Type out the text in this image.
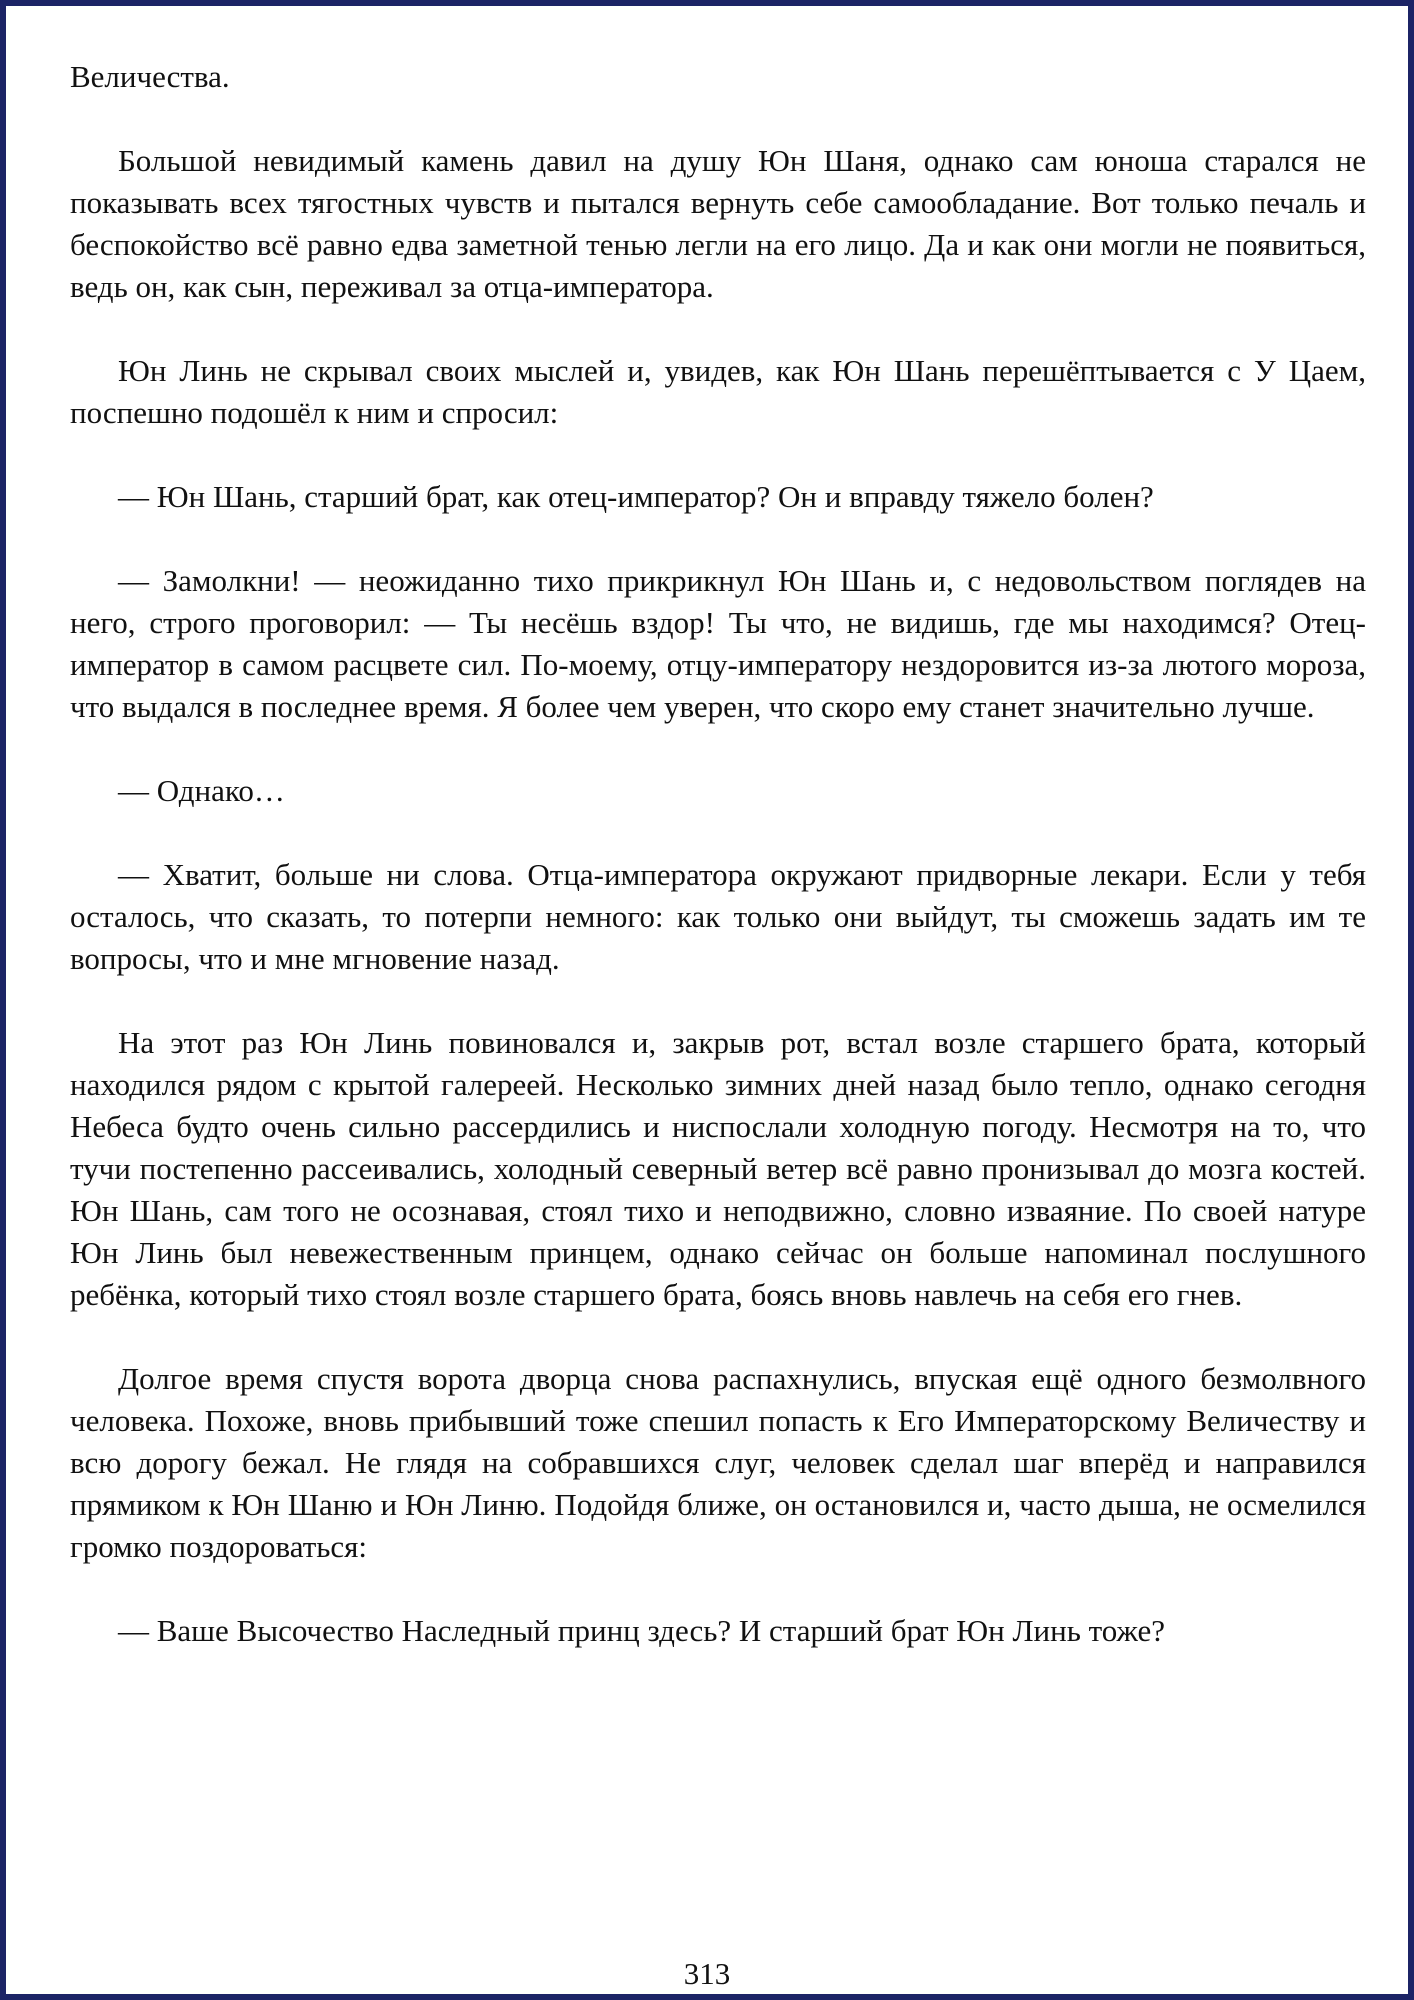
Величества.

Большой невидимый камень давил на душу Юн Шаня, однако сам юноша старался не показывать всех тягостных чувств и пытался вернуть себе самообладание. Вот только печаль и беспокойство всё равно едва заметной тенью легли на его лицо. Да и как они могли не появиться, ведь он, как сын, переживал за отца-императора.

Юн Линь не скрывал своих мыслей и, увидев, как Юн Шань перешёптывается с У Цаем, поспешно подошёл к ним и спросил:

— Юн Шань, старший брат, как отец-император? Он и вправду тяжело болен?

— Замолкни! — неожиданно тихо прикрикнул Юн Шань и, с недовольством поглядев на него, строго проговорил: — Ты несёшь вздор! Ты что, не видишь, где мы находимся? Отец-император в самом расцвете сил. По-моему, отцу-императору нездоровится из-за лютого мороза, что выдался в последнее время. Я более чем уверен, что скоро ему станет значительно лучше.

— Однако…

— Хватит, больше ни слова. Отца-императора окружают придворные лекари. Если у тебя осталось, что сказать, то потерпи немного: как только они выйдут, ты сможешь задать им те вопросы, что и мне мгновение назад.

На этот раз Юн Линь повиновался и, закрыв рот, встал возле старшего брата, который находился рядом с крытой галереей. Несколько зимних дней назад было тепло, однако сегодня Небеса будто очень сильно рассердились и ниспослали холодную погоду. Несмотря на то, что тучи постепенно рассеивались, холодный северный ветер всё равно пронизывал до мозга костей. Юн Шань, сам того не осознавая, стоял тихо и неподвижно, словно изваяние. По своей натуре Юн Линь был невежественным принцем, однако сейчас он больше напоминал послушного ребёнка, который тихо стоял возле старшего брата, боясь вновь навлечь на себя его гнев.

Долгое время спустя ворота дворца снова распахнулись, впуская ещё одного безмолвного человека. Похоже, вновь прибывший тоже спешил попасть к Его Императорскому Величеству и всю дорогу бежал. Не глядя на собравшихся слуг, человек сделал шаг вперёд и направился прямиком к Юн Шаню и Юн Линю. Подойдя ближе, он остановился и, часто дыша, не осмелился громко поздороваться:

— Ваше Высочество Наследный принц здесь? И старший брат Юн Линь тоже?

313
